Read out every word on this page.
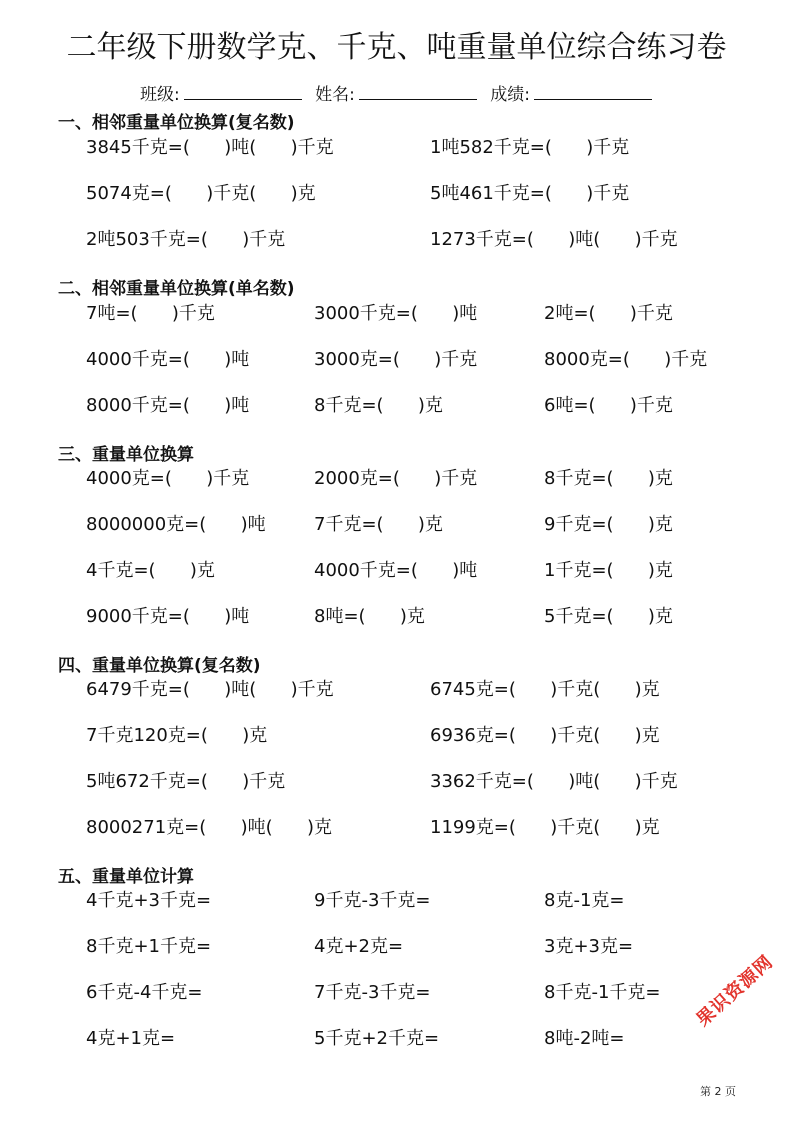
二年级下册数学克、千克、吨重量单位综合练习卷
班级:	姓名:	成绩:
一、相邻重量单位换算(复名数)
3845千克=(      )吨(      )千克	1吨582千克=(      )千克
5074克=(      )千克(      )克	5吨461千克=(      )千克
2吨503千克=(      )千克	1273千克=(      )吨(      )千克
二、相邻重量单位换算(单名数)
7吨=(      )千克	3000千克=(      )吨	2吨=(      )千克
4000千克=(      )吨	3000克=(      )千克	8000克=(      )千克
8000千克=(      )吨	8千克=(      )克	6吨=(      )千克
三、重量单位换算
4000克=(      )千克	2000克=(      )千克	8千克=(      )克
8000000克=(      )吨	7千克=(      )克	9千克=(      )克
4千克=(      )克	4000千克=(      )吨	1千克=(      )克
9000千克=(      )吨	8吨=(      )克	5千克=(      )克
四、重量单位换算(复名数)
6479千克=(      )吨(      )千克	6745克=(      )千克(      )克
7千克120克=(      )克	6936克=(      )千克(      )克
5吨672千克=(      )千克	3362千克=(      )吨(      )千克
8000271克=(      )吨(      )克	1199克=(      )千克(      )克
五、重量单位计算
4千克+3千克=	9千克-3千克=	8克-1克=
8千克+1千克=	4克+2克=	3克+3克=
6千克-4千克=	7千克-3千克=	8千克-1千克=
4克+1克=	5千克+2千克=	8吨-2吨=
果识资源网
第 2 页
